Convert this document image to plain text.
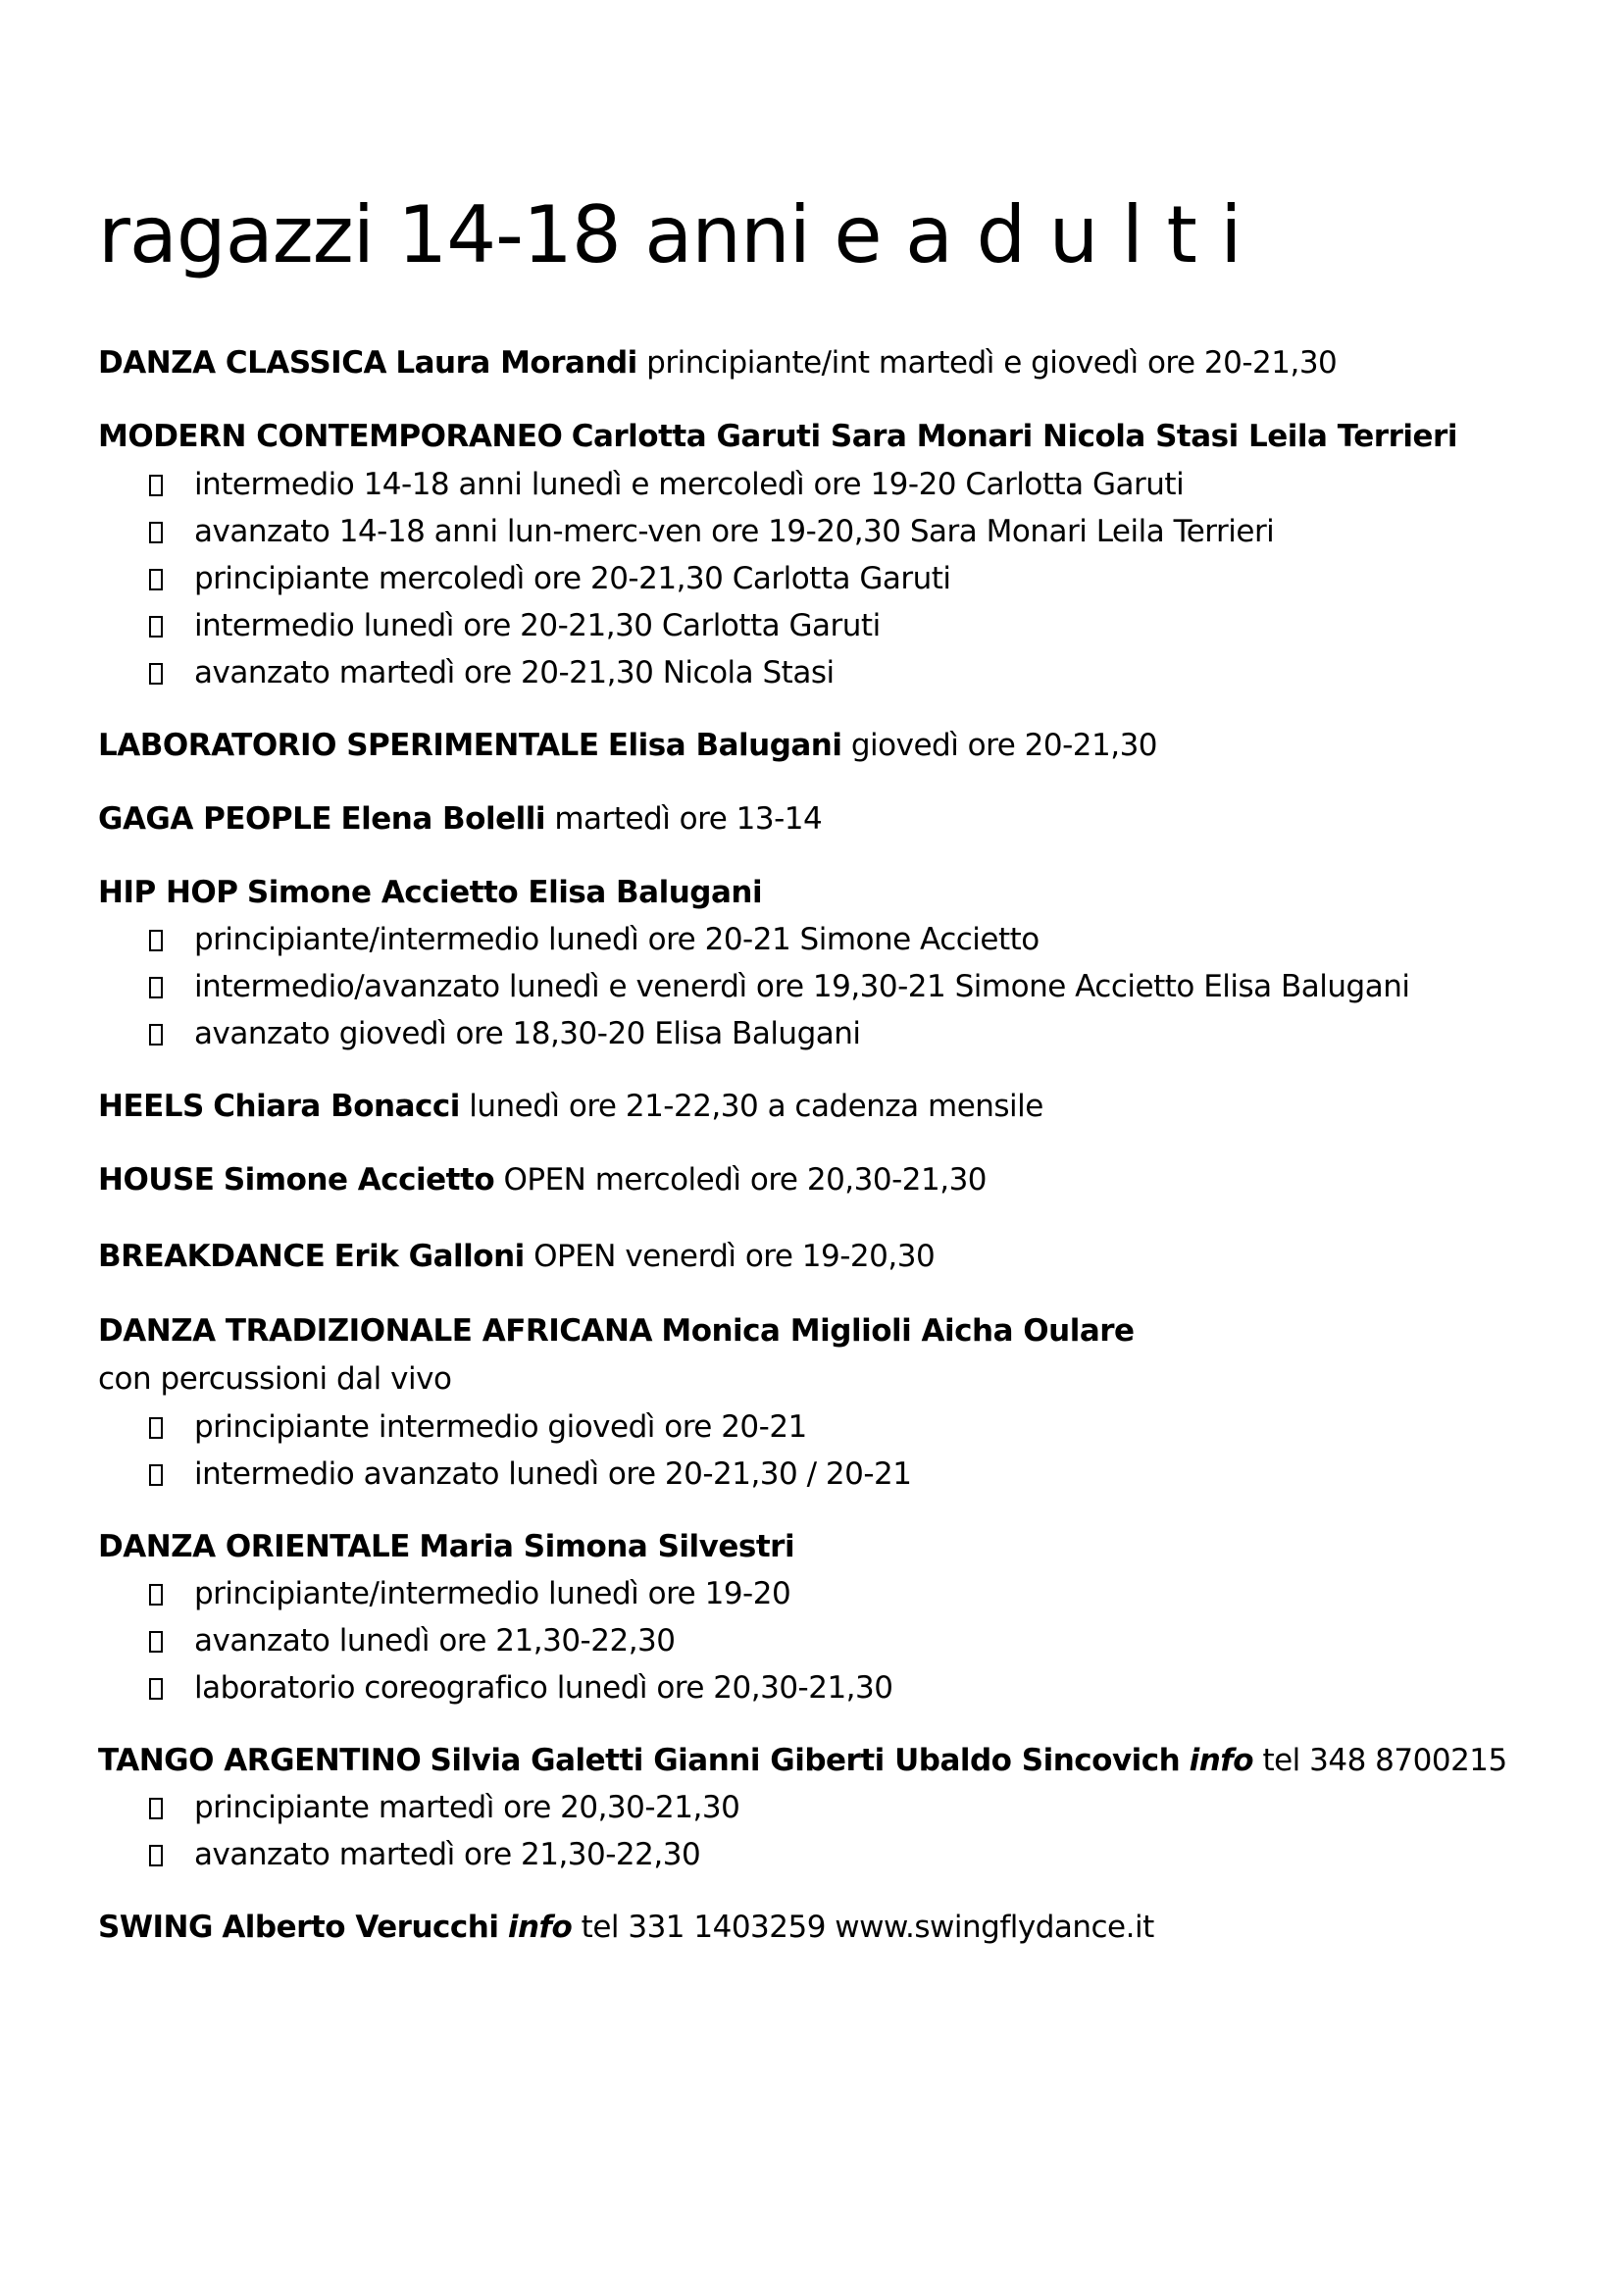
ragazzi 14-18 anni e a d u l t i

DANZA CLASSICA Laura Morandi principiante/int martedì e giovedì ore 20-21,30

MODERN CONTEMPORANEO Carlotta Garuti Sara Monari Nicola Stasi Leila Terrieri

intermedio 14-18 anni lunedì e mercoledì ore 19-20 Carlotta Garuti

avanzato 14-18 anni lun-merc-ven ore 19-20,30 Sara Monari Leila Terrieri

principiante mercoledì ore 20-21,30 Carlotta Garuti

intermedio lunedì ore 20-21,30 Carlotta Garuti

avanzato martedì ore 20-21,30 Nicola Stasi

LABORATORIO SPERIMENTALE Elisa Balugani giovedì ore 20-21,30

GAGA PEOPLE Elena Bolelli martedì ore 13-14

HIP HOP Simone Accietto Elisa Balugani

principiante/intermedio lunedì ore 20-21 Simone Accietto

intermedio/avanzato lunedì e venerdì ore 19,30-21 Simone Accietto Elisa Balugani

avanzato giovedì ore 18,30-20 Elisa Balugani

HEELS Chiara Bonacci lunedì ore 21-22,30 a cadenza mensile

HOUSE Simone Accietto OPEN mercoledì ore 20,30-21,30

BREAKDANCE Erik Galloni OPEN venerdì ore 19-20,30

DANZA TRADIZIONALE AFRICANA Monica Miglioli Aicha Oulare

con percussioni dal vivo

principiante intermedio giovedì ore 20-21

intermedio avanzato lunedì ore 20-21,30 / 20-21

DANZA ORIENTALE Maria Simona Silvestri

principiante/intermedio lunedì ore 19-20

avanzato lunedì ore 21,30-22,30

laboratorio coreografico lunedì ore 20,30-21,30

TANGO ARGENTINO Silvia Galetti Gianni Giberti Ubaldo Sincovich info tel 348 8700215

principiante martedì ore 20,30-21,30

avanzato martedì ore 21,30-22,30

SWING Alberto Verucchi info tel 331 1403259 www.swingflydance.it
